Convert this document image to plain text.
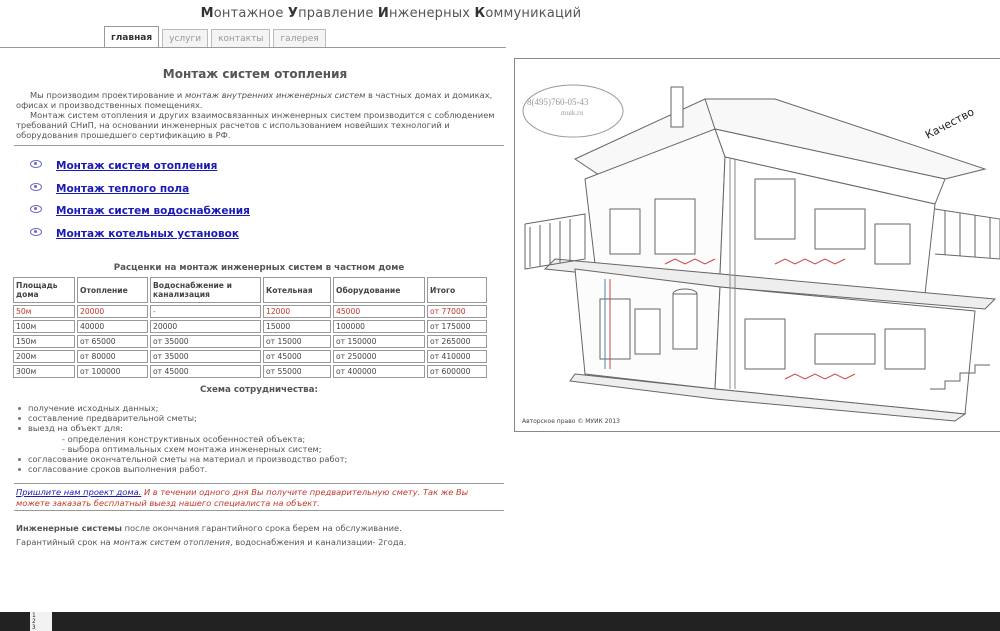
Монтажное Управление Инженерных Коммуникаций
главная	услуги	контакты	галерея
Монтаж систем отопления

Мы производим проектирование и монтаж внутренних инженерных систем в частных домах и домиках, офисах и производственных помещениях.

Монтаж систем отопления и других взаимосвязанных инженерных систем производится с соблюдением требований СНиП, на основании инженерных расчетов с использованием новейших технологий и оборудования прошедшего сертификацию в РФ.

Монтаж систем отопления
Монтаж теплого пола
Монтаж систем водоснабжения
Монтаж котельных установок
Расценки на монтаж инженерных систем в частном доме
Площадь дома	Отопление	Водоснабжение и канализация	Котельная	Оборудование	Итого
50м	20000	-	12000	45000	от 77000
100м	40000	20000	15000	100000	от 175000
150м	от 65000	от 35000	от 15000	от 150000	от 265000
200м	от 80000	от 35000	от 45000	от 250000	от 410000
300м	от 100000	от 45000	от 55000	от 400000	от 600000
Схема сотрудничества:
получение исходных данных;
составление предварительной сметы;
выезд на объект для:
- определения конструктивных особенностей объекта;
- выбора оптимальных схем монтажа инженерных систем;
согласование окончательной сметы на материал и производство работ;
согласование сроков выполнения работ.
Пришлите нам проект дома. И в течении одного дня Вы получите предварительную смету. Так же Вы можете заказать бесплатный выезд нашего специалиста на объект.

Инженерные системы после окончания гарантийного срока берем на обслуживание.

Гарантийный срок на монтаж систем отопления, водоснабжения и канализации- 2года.

8(495)760-05-43
muik.ru	Качество
Авторское право © МУИК 2013
1
2
3
